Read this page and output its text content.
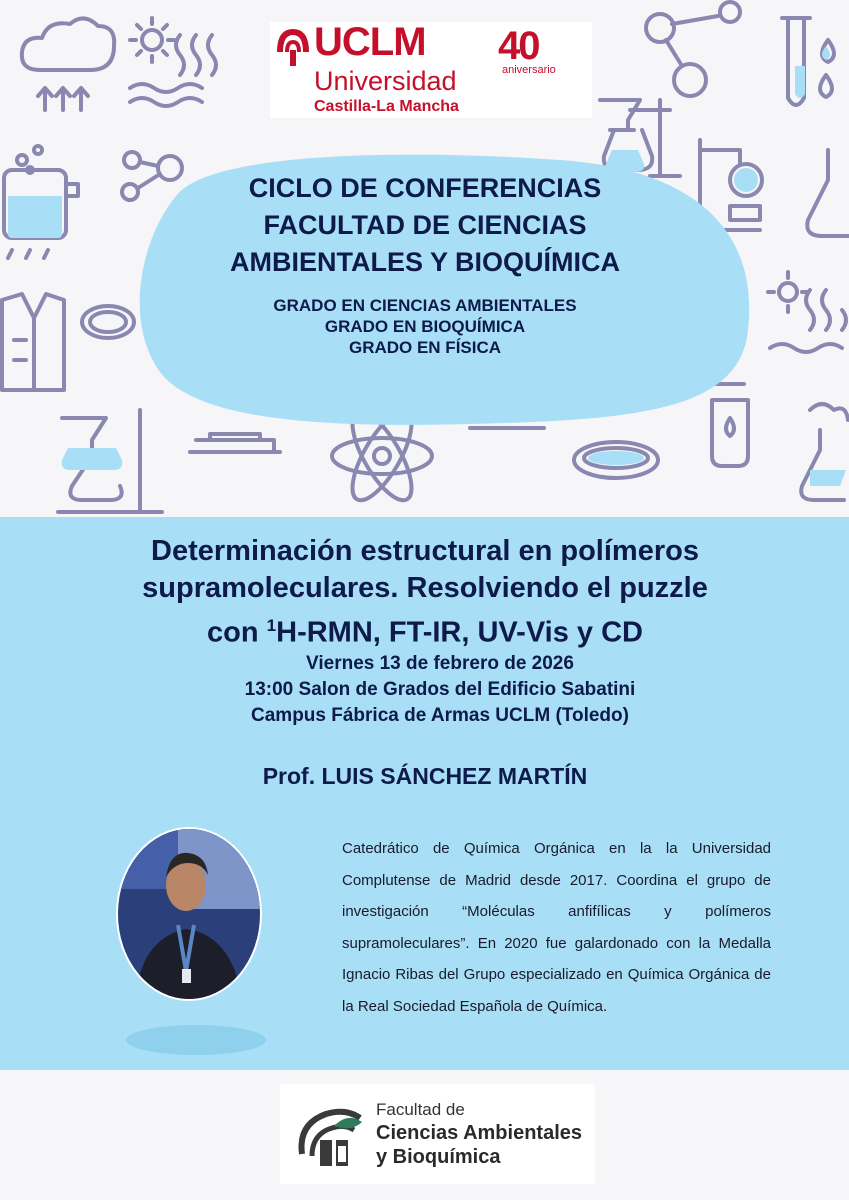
UCLM 40
aniversario
Universidad
Castilla-La Mancha
CICLO DE CONFERENCIAS
FACULTAD DE CIENCIAS
AMBIENTALES Y BIOQUÍMICA
GRADO EN CIENCIAS AMBIENTALES
GRADO EN BIOQUÍMICA
GRADO EN FÍSICA
Determinación estructural en polímeros
supramoleculares. Resolviendo el puzzle
con $^1$H-RMN, FT-IR, UV-Vis y CD
Viernes 13 de febrero de 2026
13:00 Salon de Grados del Edificio Sabatini
Campus Fábrica de Armas UCLM (Toledo)
Prof. LUIS SÁNCHEZ MARTÍN
Catedrático de Química Orgánica en la la Universidad Complutense de Madrid desde 2017. Coordina el grupo de investigación “Moléculas anfifílicas y polímeros supramoleculares”. En 2020 fue galardonado con la Medalla Ignacio Ribas del Grupo especializado en Química Orgánica de la Real Sociedad Española de Química.
Facultad de
Ciencias Ambientales
y Bioquímica
